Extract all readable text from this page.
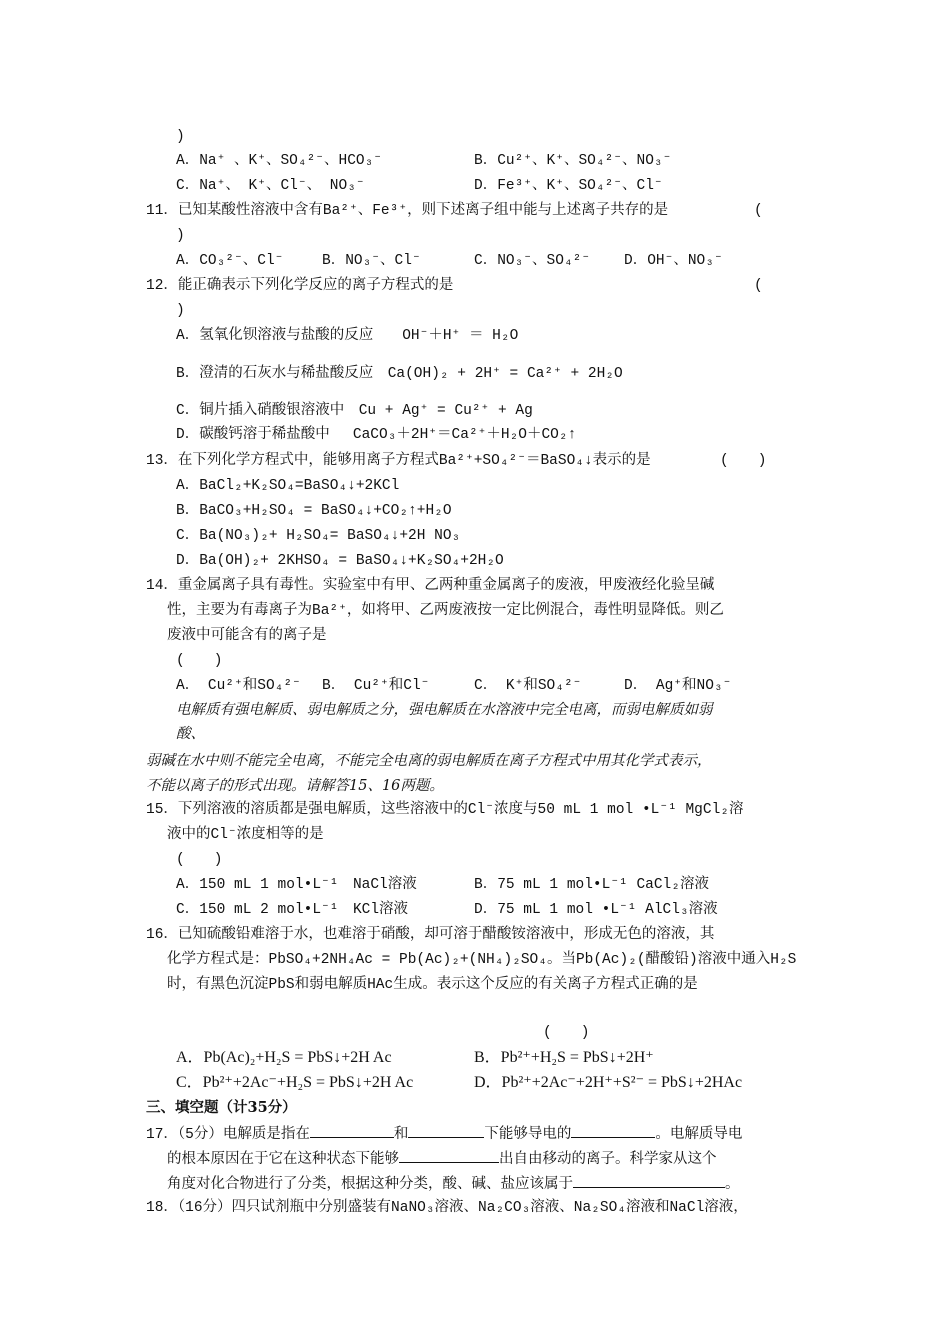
)
A．Na⁺ 、K⁺、SO₄²⁻、HCO₃⁻	B．Cu²⁺、K⁺、SO₄²⁻、NO₃⁻
C．Na⁺、 K⁺、Cl⁻、 NO₃⁻	D．Fe³⁺、K⁺、SO₄²⁻、Cl⁻
11．已知某酸性溶液中含有Ba²⁺、Fe³⁺，则下述离子组中能与上述离子共存的是	(
)
A．CO₃²⁻、Cl⁻	B．NO₃⁻、Cl⁻	C．NO₃⁻、SO₄²⁻ D．OH⁻、NO₃⁻
12．能正确表示下列化学反应的离子方程式的是	(
)
A．氢氧化钡溶液与盐酸的反应　　OH⁻＋H⁺ ＝ H₂O
B．澄清的石灰水与稀盐酸反应　Ca(OH)₂ + 2H⁺ = Ca²⁺ + 2H₂O
C．铜片插入硝酸银溶液中　Cu + Ag⁺ = Cu²⁺ + Ag
D．碳酸钙溶于稀盐酸中　 CaCO₃＋2H⁺＝Ca²⁺＋H₂O＋CO₂↑
13．在下列化学方程式中，能够用离子方程式Ba²⁺+SO₄²⁻＝BaSO₄↓表示的是	(　　)
A．BaCl₂+K₂SO₄=BaSO₄↓+2KCl
B．BaCO₃+H₂SO₄ = BaSO₄↓+CO₂↑+H₂O
C．Ba(NO₃)₂+ H₂SO₄= BaSO₄↓+2H NO₃
D．Ba(OH)₂+ 2KHSO₄ = BaSO₄↓+K₂SO₄+2H₂O
14．重金属离子具有毒性。实验室中有甲、乙两种重金属离子的废液，甲废液经化验呈碱
性，主要为有毒离子为Ba²⁺，如将甲、乙两废液按一定比例混合，毒性明显降低。则乙
废液中可能含有的离子是
(　　)
A． Cu²⁺和SO₄²⁻ B． Cu²⁺和Cl⁻	C． K⁺和SO₄²⁻	D． Ag⁺和NO₃⁻
电解质有强电解质、弱电解质之分，强电解质在水溶液中完全电离，而弱电解质如弱
酸、
弱碱在水中则不能完全电离，不能完全电离的弱电解质在离子方程式中用其化学式表示，
不能以离子的形式出现。请解答15、16两题。
15．下列溶液的溶质都是强电解质，这些溶液中的Cl⁻浓度与50 mL 1 mol •L⁻¹ MgCl₂溶
液中的Cl⁻浓度相等的是
(　　)
A．150 mL 1 mol•L⁻¹　NaCl溶液	B．75 mL 1 mol•L⁻¹ CaCl₂溶液
C．150 mL 2 mol•L⁻¹　KCl溶液	D．75 mL 1 mol •L⁻¹ AlCl₃溶液
16．已知硫酸铅难溶于水，也难溶于硝酸，却可溶于醋酸铵溶液中，形成无色的溶液，其
化学方程式是：PbSO₄+2NH₄Ac = Pb(Ac)₂+(NH₄)₂SO₄。当Pb(Ac)₂(醋酸铅)溶液中通入H₂S
时，有黑色沉淀PbS和弱电解质HAc生成。表示这个反应的有关离子方程式正确的是
(　　)
A．Pb(Ac)₂+H₂S = PbS↓+2H Ac	B．Pb²⁺+H₂S = PbS↓+2H⁺
C．Pb²⁺+2Ac⁻+H₂S = PbS↓+2H Ac	D．Pb²⁺+2Ac⁻+2H⁺+S²⁻ = PbS↓+2HAc
三、填空题（计35分）
17．（5分）电解质是指在	和	下能够导电的	。电解质导电
的根本原因在于它在这种状态下能够	出自由移动的离子。科学家从这个
角度对化合物进行了分类，根据这种分类，酸、碱、盐应该属于	。
18．（16分）四只试剂瓶中分别盛装有NaNO₃溶液、Na₂CO₃溶液、Na₂SO₄溶液和NaCl溶液，
